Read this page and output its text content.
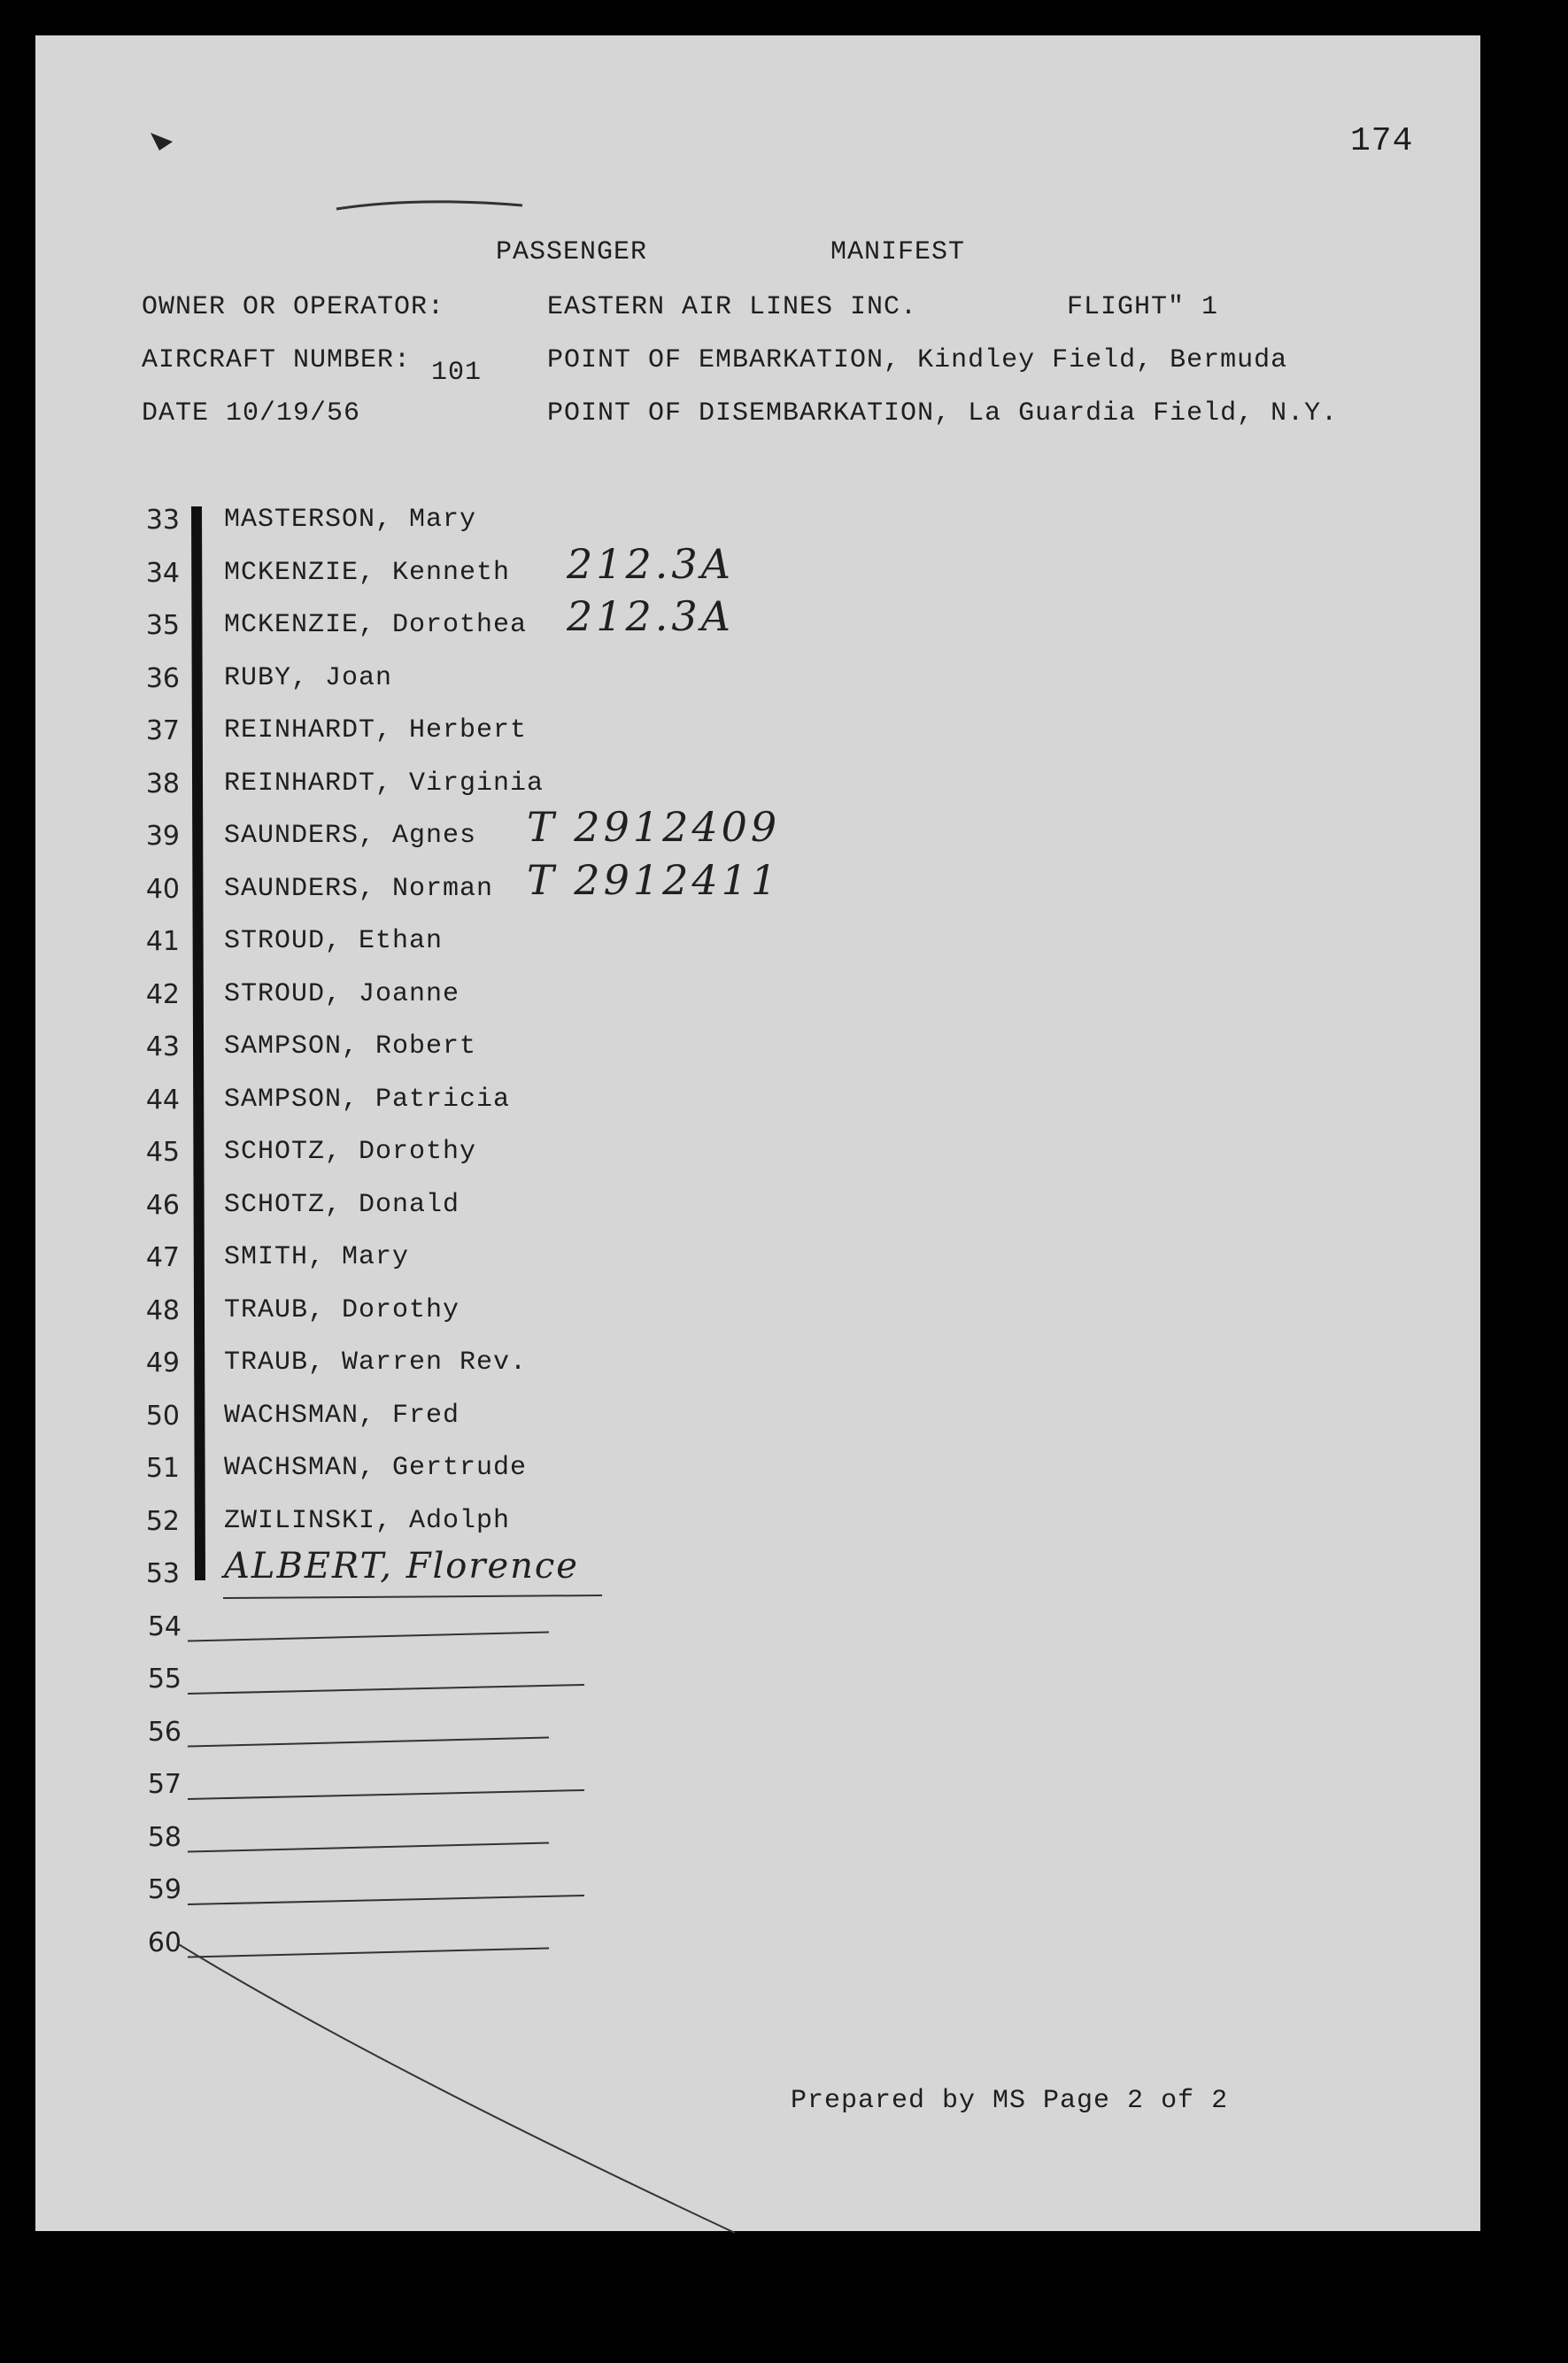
174
PASSENGER	MANIFEST
OWNER OR OPERATOR:	EASTERN AIR LINES INC.	FLIGHT" 1
AIRCRAFT NUMBER: 101 POINT OF EMBARKATION, Kindley Field, Bermuda
DATE 10/19/56	POINT OF DISEMBARKATION, La Guardia Field, N.Y.
33 MASTERSON, Mary
34 MCKENZIE, Kenneth 212.3A
35 MCKENZIE, Dorothea 212.3A
36 RUBY, Joan
37 REINHARDT, Herbert
38 REINHARDT, Virginia
39 SAUNDERS, Agnes T 2912409
40 SAUNDERS, Norman T 2912411
41 STROUD, Ethan
42 STROUD, Joanne
43 SAMPSON, Robert
44 SAMPSON, Patricia
45 SCHOTZ, Dorothy
46 SCHOTZ, Donald
47 SMITH, Mary
48 TRAUB, Dorothy
49 TRAUB, Warren Rev.
50 WACHSMAN, Fred
51 WACHSMAN, Gertrude
52 ZWILINSKI, Adolph
53 ALBERT, Florence
54
55
56
57
58
59
60
Prepared by MS Page 2 of 2
